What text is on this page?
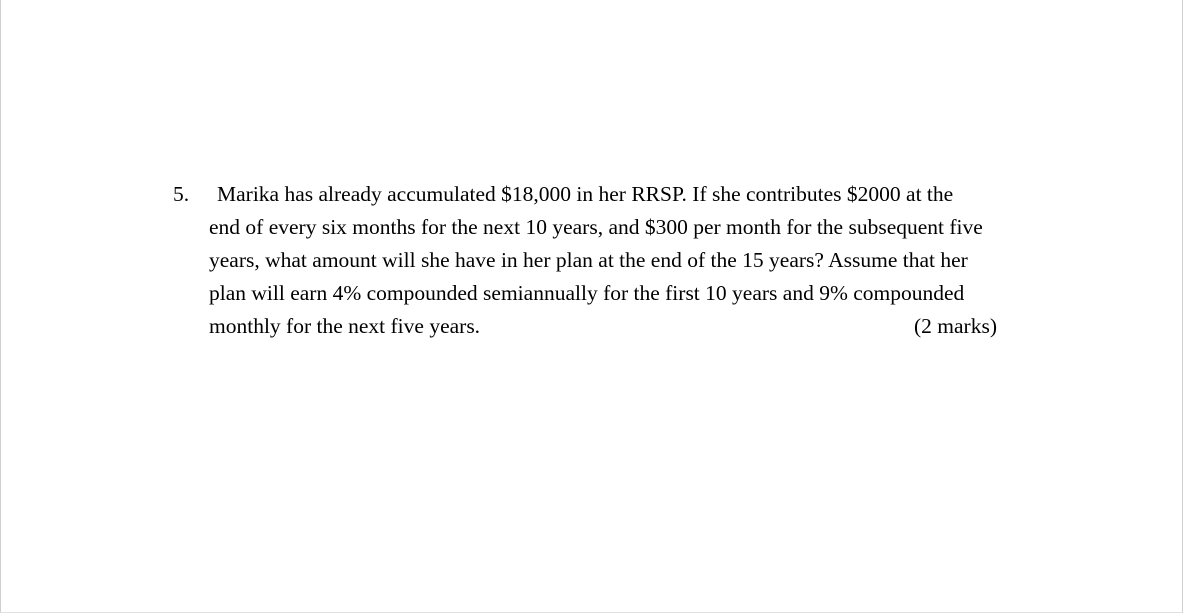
5.	Marika has already accumulated $18,000 in her RRSP. If she contributes $2000 at the
end of every six months for the next 10 years, and $300 per month for the subsequent five
years, what amount will she have in her plan at the end of the 15 years? Assume that her
plan will earn 4% compounded semiannually for the first 10 years and 9% compounded
monthly for the next five years.	(2 marks)
